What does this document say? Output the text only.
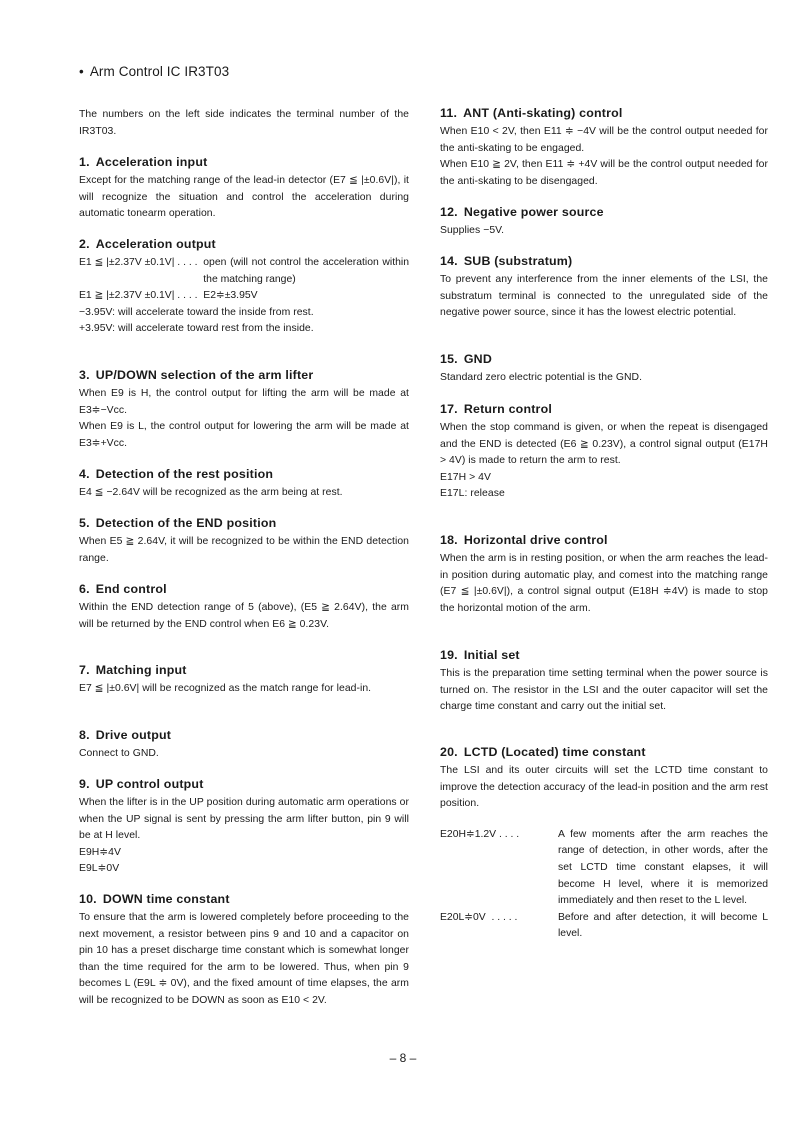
• Arm Control IC IR3T03

The numbers on the left side indicates the terminal number of the IR3T03.

1. Acceleration input

Except for the matching range of the lead-in detector (E7 ≦ |±0.6V|), it will recognize the situation and control the acceleration during automatic tonearm operation.

2. Acceleration output
E1 ≦ |±2.37V ±0.1V| . . . . open (will not control the acceleration within the matching range)
E1 ≧ |±2.37V ±0.1V| . . . . E2≑±3.95V

−3.95V: will accelerate toward the inside from rest.

+3.95V: will accelerate toward rest from the inside.

3. UP/DOWN selection of the arm lifter

When E9 is H, the control output for lifting the arm will be made at E3≑−Vcc.

When E9 is L, the control output for lowering the arm will be made at E3≑+Vcc.

4. Detection of the rest position

E4 ≦ −2.64V will be recognized as the arm being at rest.

5. Detection of the END position

When E5 ≧ 2.64V, it will be recognized to be within the END detection range.

6. End control

Within the END detection range of 5 (above), (E5 ≧ 2.64V), the arm will be returned by the END control when E6 ≧ 0.23V.

7. Matching input

E7 ≦ |±0.6V| will be recognized as the match range for lead-in.

8. Drive output

Connect to GND.

9. UP control output

When the lifter is in the UP position during automatic arm operations or when the UP signal is sent by pressing the arm lifter button, pin 9 will be at H level.

E9H≑4V

E9L≑0V

10. DOWN time constant

To ensure that the arm is lowered completely before proceeding to the next movement, a resistor between pins 9 and 10 and a capacitor on pin 10 has a preset discharge time constant which is somewhat longer than the time required for the arm to be lowered. Thus, when pin 9 becomes L (E9L ≑ 0V), and the fixed amount of time elapses, the arm will be recognized to be DOWN as soon as E10 < 2V.

11. ANT (Anti-skating) control

When E10 < 2V, then E11 ≑ −4V will be the control output needed for the anti-skating to be engaged.

When E10 ≧ 2V, then E11 ≑ +4V will be the control output needed for the anti-skating to be disengaged.

12. Negative power source

Supplies −5V.

14. SUB (substratum)

To prevent any interference from the inner elements of the LSI, the substratum terminal is connected to the unregulated side of the negative power source, since it has the lowest electric potential.

15. GND

Standard zero electric potential is the GND.

17. Return control

When the stop command is given, or when the repeat is disengaged and the END is detected (E6 ≧ 0.23V), a control signal output (E17H > 4V) is made to return the arm to rest.

E17H > 4V

E17L: release

18. Horizontal drive control

When the arm is in resting position, or when the arm reaches the lead-in position during automatic play, and comest into the matching range (E7 ≦ |±0.6V|), a control signal output (E18H ≑4V) is made to stop the horizontal motion of the arm.

19. Initial set

This is the preparation time setting terminal when the power source is turned on. The resistor in the LSI and the outer capacitor will set the charge time constant and carry out the initial set.

20. LCTD (Located) time constant

The LSI and its outer circuits will set the LCTD time constant to improve the detection accuracy of the lead-in position and the arm rest position.

E20H≑1.2V . . . .	A few moments after the arm reaches the range of detection, in other words, after the set LCTD time constant elapses, it will become H level, where it is memorized immediately and then reset to the L level.
E20L≑0V  . . . . .	Before and after detection, it will become L level.
– 8 –
